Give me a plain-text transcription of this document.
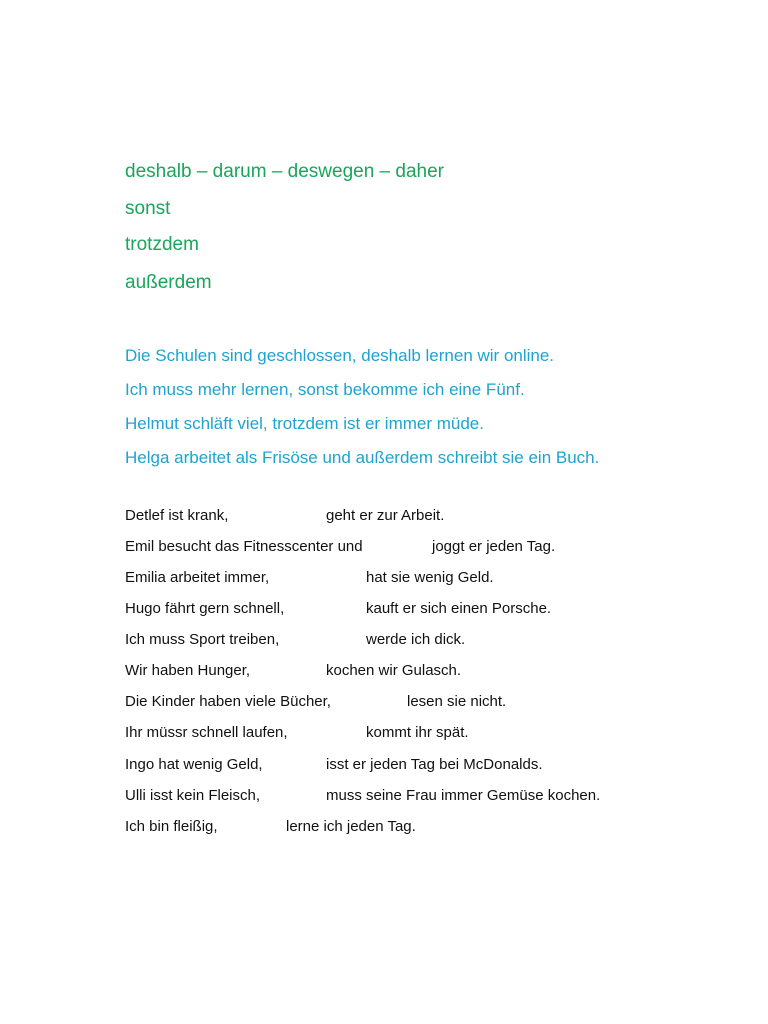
deshalb – darum – deswegen – daher
sonst
trotzdem
außerdem
Die Schulen sind geschlossen, deshalb lernen wir online.
Ich muss mehr lernen, sonst bekomme ich eine Fünf.
Helmut schläft viel, trotzdem ist er immer müde.
Helga arbeitet als Frisöse und außerdem schreibt sie ein Buch.
Detlef ist krank,	geht er zur Arbeit.
Emil besucht das Fitnesscenter und	joggt er jeden Tag.
Emilia arbeitet immer,	hat sie wenig Geld.
Hugo fährt gern schnell,	kauft er sich einen Porsche.
Ich muss Sport treiben,	werde ich dick.
Wir haben Hunger,	kochen wir Gulasch.
Die Kinder haben viele Bücher,	lesen sie nicht.
Ihr müssr schnell laufen,	kommt ihr spät.
Ingo hat wenig Geld,	isst er jeden Tag bei McDonalds.
Ulli isst kein Fleisch,	muss seine Frau immer Gemüse kochen.
Ich bin fleißig,	lerne ich jeden Tag.
